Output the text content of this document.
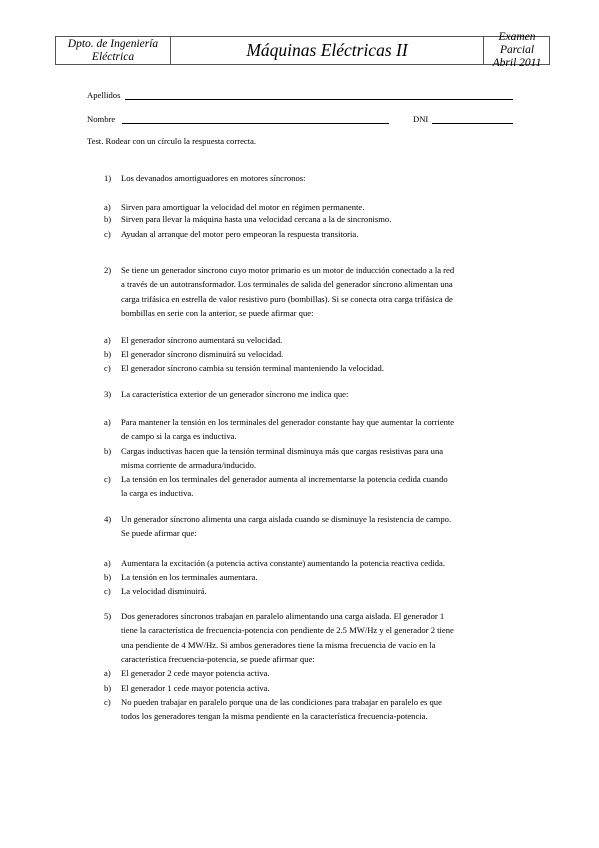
Dpto. de Ingeniería
Eléctrica	Máquinas Eléctricas II
Examen Parcial
Abril 2011
Apellidos
Nombre	DNI
Test. Rodear con un círculo la respuesta correcta.
1) Los devanados amortiguadores en motores síncronos:
a) Sirven para amortiguar la velocidad del motor en régimen permanente.
b) Sirven para llevar la máquina hasta una velocidad cercana a la de sincronismo.
c) Ayudan al arranque del motor pero empeoran la respuesta transitoria.
2) Se tiene un generador síncrono cuyo motor primario es un motor de inducción conectado a la red
a través de un autotransformador. Los terminales de salida del generador síncrono alimentan una
carga trifásica en estrella de valor resistivo puro (bombillas). Si se conecta otra carga trifásica de
bombillas en serie con la anterior, se puede afirmar que:
a) El generador síncrono aumentará su velocidad.
b) El generador síncrono disminuirá su velocidad.
c) El generador síncrono cambia su tensión terminal manteniendo la velocidad.
3) La característica exterior de un generador síncrono me indica que:
a) Para mantener la tensión en los terminales del generador constante hay que aumentar la corriente
de campo si la carga es inductiva.
b) Cargas inductivas hacen que la tensión terminal disminuya más que cargas resistivas para una
misma corriente de armadura/inducido.
c) La tensión en los terminales del generador aumenta al incrementarse la potencia cedida cuando
la carga es inductiva.
4) Un generador síncrono alimenta una carga aislada cuando se disminuye la resistencia de campo.
Se puede afirmar que:
a) Aumentara la excitación (a potencia activa constante) aumentando la potencia reactiva cedida.
b) La tensión en los terminales aumentara.
c) La velocidad disminuirá.
5) Dos generadores síncronos trabajan en paralelo alimentando una carga aislada. El generador 1
tiene la característica de frecuencia-potencia con pendiente de 2.5 MW/Hz y el generador 2 tiene
una pendiente de 4 MW/Hz. Si ambos generadores tiene la misma frecuencia de vacío en la
característica frecuencia-potencia, se puede afirmar que:
a) El generador 2 cede mayor potencia activa.
b) El generador 1 cede mayor potencia activa.
c) No pueden trabajar en paralelo porque una de las condiciones para trabajar en paralelo es que
todos los generadores tengan la misma pendiente en la característica frecuencia-potencia.
